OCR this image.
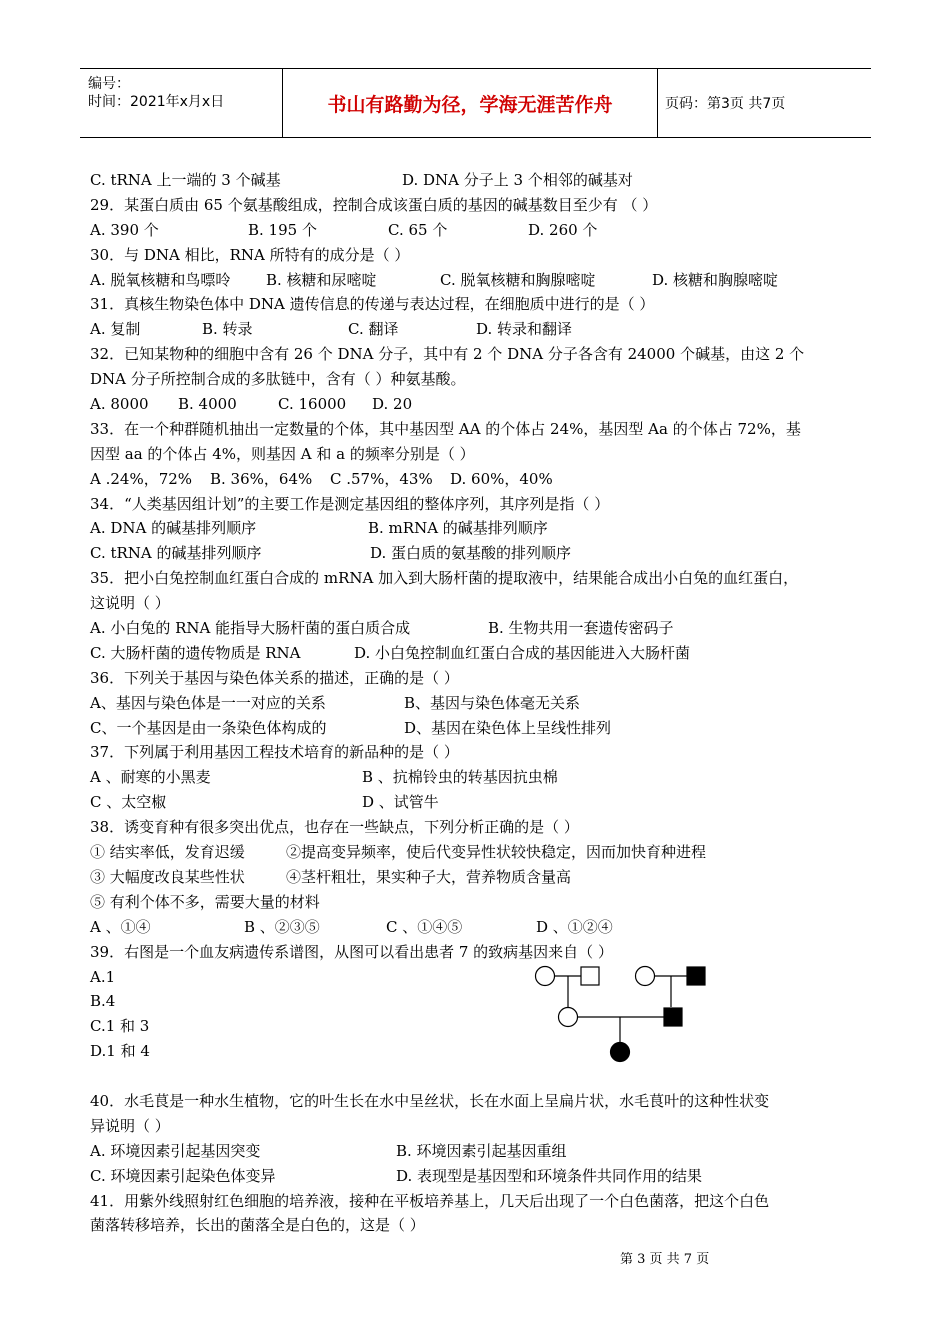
编号：
时间：2021年x月x日	书山有路勤为径，学海无涯苦作舟	页码：第3页 共7页
C. tRNA 上一端的 3 个碱基	D. DNA 分子上 3 个相邻的碱基对
29．某蛋白质由 65 个氨基酸组成，控制合成该蛋白质的基因的碱基数目至少有 （ ）
A. 390 个	B. 195 个	C. 65 个	D. 260 个
30．与 DNA 相比，RNA 所特有的成分是（ ）
A. 脱氧核糖和鸟嘌呤 B. 核糖和尿嘧啶	C. 脱氧核糖和胸腺嘧啶	D. 核糖和胸腺嘧啶
31．真核生物染色体中 DNA 遗传信息的传递与表达过程，在细胞质中进行的是（ ）
A. 复制	B. 转录	C. 翻译	D. 转录和翻译
32．已知某物种的细胞中含有 26 个 DNA 分子，其中有 2 个 DNA 分子各含有 24000 个碱基，由这 2 个
DNA 分子所控制合成的多肽链中，含有（ ）种氨基酸。
A. 8000 B. 4000	C. 16000 D. 20
33．在一个种群随机抽出一定数量的个体，其中基因型 AA 的个体占 24%，基因型 Aa 的个体占 72%，基
因型 aa 的个体占 4%，则基因 A 和 a 的频率分别是（ ）
A .24%，72% B. 36%，64% C .57%，43% D. 60%，40%
34．“人类基因组计划”的主要工作是测定基因组的整体序列，其序列是指（ ）
A. DNA 的碱基排列顺序	B. mRNA 的碱基排列顺序
C. tRNA 的碱基排列顺序	D. 蛋白质的氨基酸的排列顺序
35．把小白兔控制血红蛋白合成的 mRNA 加入到大肠杆菌的提取液中，结果能合成出小白兔的血红蛋白，
这说明（ ）
A. 小白兔的 RNA 能指导大肠杆菌的蛋白质合成	B. 生物共用一套遗传密码子
C. 大肠杆菌的遗传物质是 RNA	D. 小白兔控制血红蛋白合成的基因能进入大肠杆菌
36．下列关于基因与染色体关系的描述，正确的是（ ）
A、基因与染色体是一一对应的关系	B、基因与染色体毫无关系
C、一个基因是由一条染色体构成的	D、基因在染色体上呈线性排列
37．下列属于利用基因工程技术培育的新品种的是（ ）
A 、耐寒的小黑麦	B 、抗棉铃虫的转基因抗虫棉
C 、太空椒	D 、试管牛
38．诱变育种有很多突出优点，也存在一些缺点，下列分析正确的是（ ）
① 结实率低，发育迟缓	②提高变异频率，使后代变异性状较快稳定，因而加快育种进程
③ 大幅度改良某些性状	④茎杆粗壮，果实种子大，营养物质含量高
⑤ 有利个体不多，需要大量的材料
A 、①④	B 、②③⑤	C 、①④⑤	D 、①②④
39．右图是一个血友病遗传系谱图，从图可以看出患者 7 的致病基因来自（ ）
A.1
B.4
C.1 和 3
D.1 和 4
40．水毛茛是一种水生植物，它的叶生长在水中呈丝状，长在水面上呈扁片状，水毛茛叶的这种性状变
异说明（ ）
A. 环境因素引起基因突变	B. 环境因素引起基因重组
C. 环境因素引起染色体变异	D. 表现型是基因型和环境条件共同作用的结果
41．用紫外线照射红色细胞的培养液，接种在平板培养基上，几天后出现了一个白色菌落，把这个白色
菌落转移培养，长出的菌落全是白色的，这是（ ）
第 3 页 共 7 页
